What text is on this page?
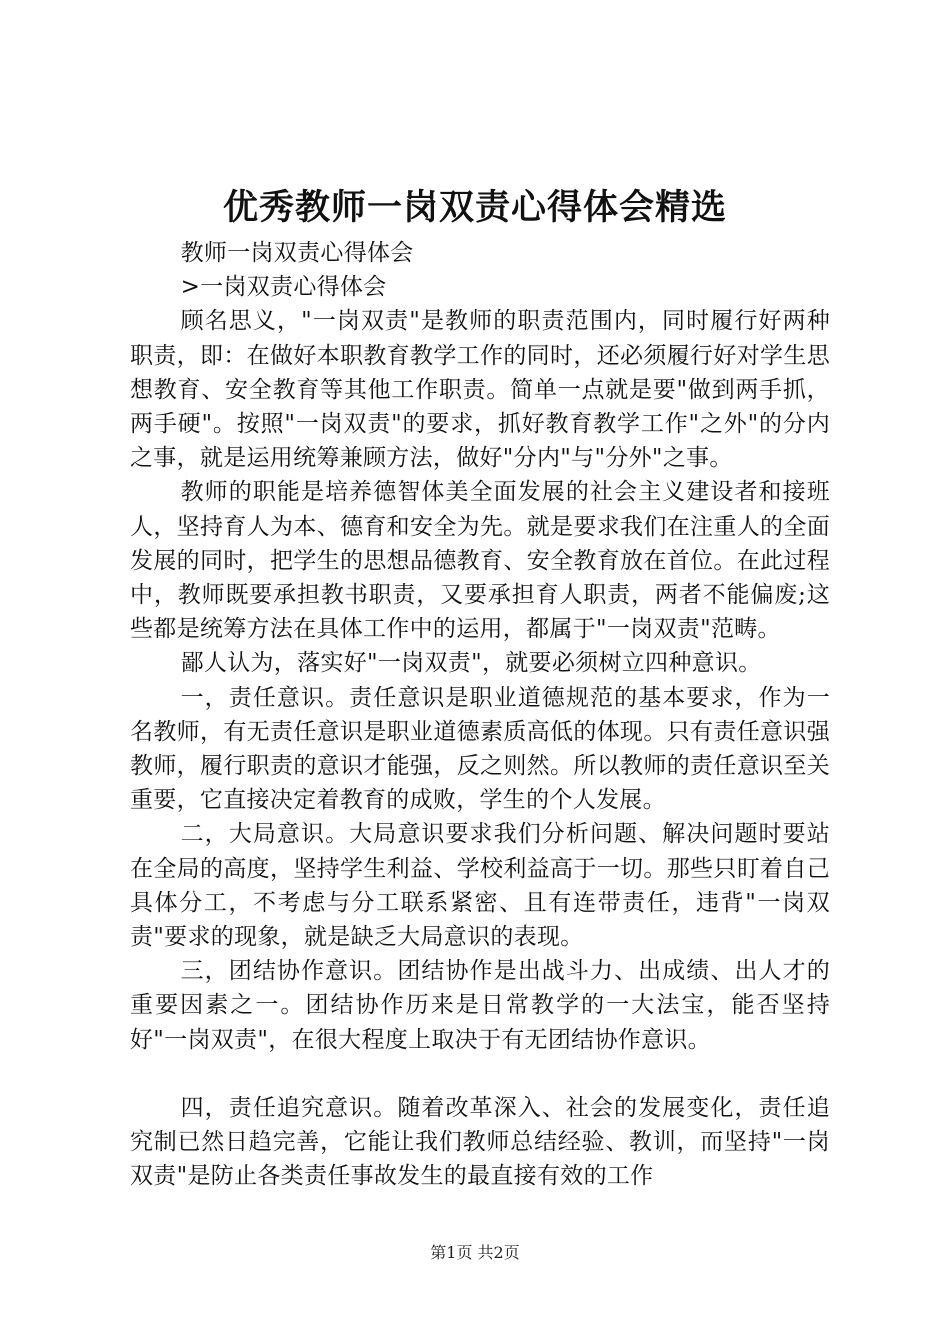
优秀教师一岗双责心得体会精选

教师一岗双责心得体会

>一岗双责心得体会

顾名思义，"一岗双责"是教师的职责范围内，同时履行好两种职责，即：在做好本职教育教学工作的同时，还必须履行好对学生思想教育、安全教育等其他工作职责。简单一点就是要"做到两手抓，两手硬"。按照"一岗双责"的要求，抓好教育教学工作"之外"的分内之事，就是运用统筹兼顾方法，做好"分内"与"分外"之事。

教师的职能是培养德智体美全面发展的社会主义建设者和接班人，坚持育人为本、德育和安全为先。就是要求我们在注重人的全面发展的同时，把学生的思想品德教育、安全教育放在首位。在此过程中，教师既要承担教书职责，又要承担育人职责，两者不能偏废;这些都是统筹方法在具体工作中的运用，都属于"一岗双责"范畴。

鄙人认为，落实好"一岗双责"，就要必须树立四种意识。

一，责任意识。责任意识是职业道德规范的基本要求，作为一名教师，有无责任意识是职业道德素质高低的体现。只有责任意识强教师，履行职责的意识才能强，反之则然。所以教师的责任意识至关重要，它直接决定着教育的成败，学生的个人发展。

二，大局意识。大局意识要求我们分析问题、解决问题时要站在全局的高度，坚持学生利益、学校利益高于一切。那些只盯着自己具体分工，不考虑与分工联系紧密、且有连带责任，违背"一岗双责"要求的现象，就是缺乏大局意识的表现。

三，团结协作意识。团结协作是出战斗力、出成绩、出人才的重要因素之一。团结协作历来是日常教学的一大法宝，能否坚持好"一岗双责"，在很大程度上取决于有无团结协作意识。

四，责任追究意识。随着改革深入、社会的发展变化，责任追究制已然日趋完善，它能让我们教师总结经验、教训，而坚持"一岗双责"是防止各类责任事故发生的最直接有效的工作

第1页 共2页
